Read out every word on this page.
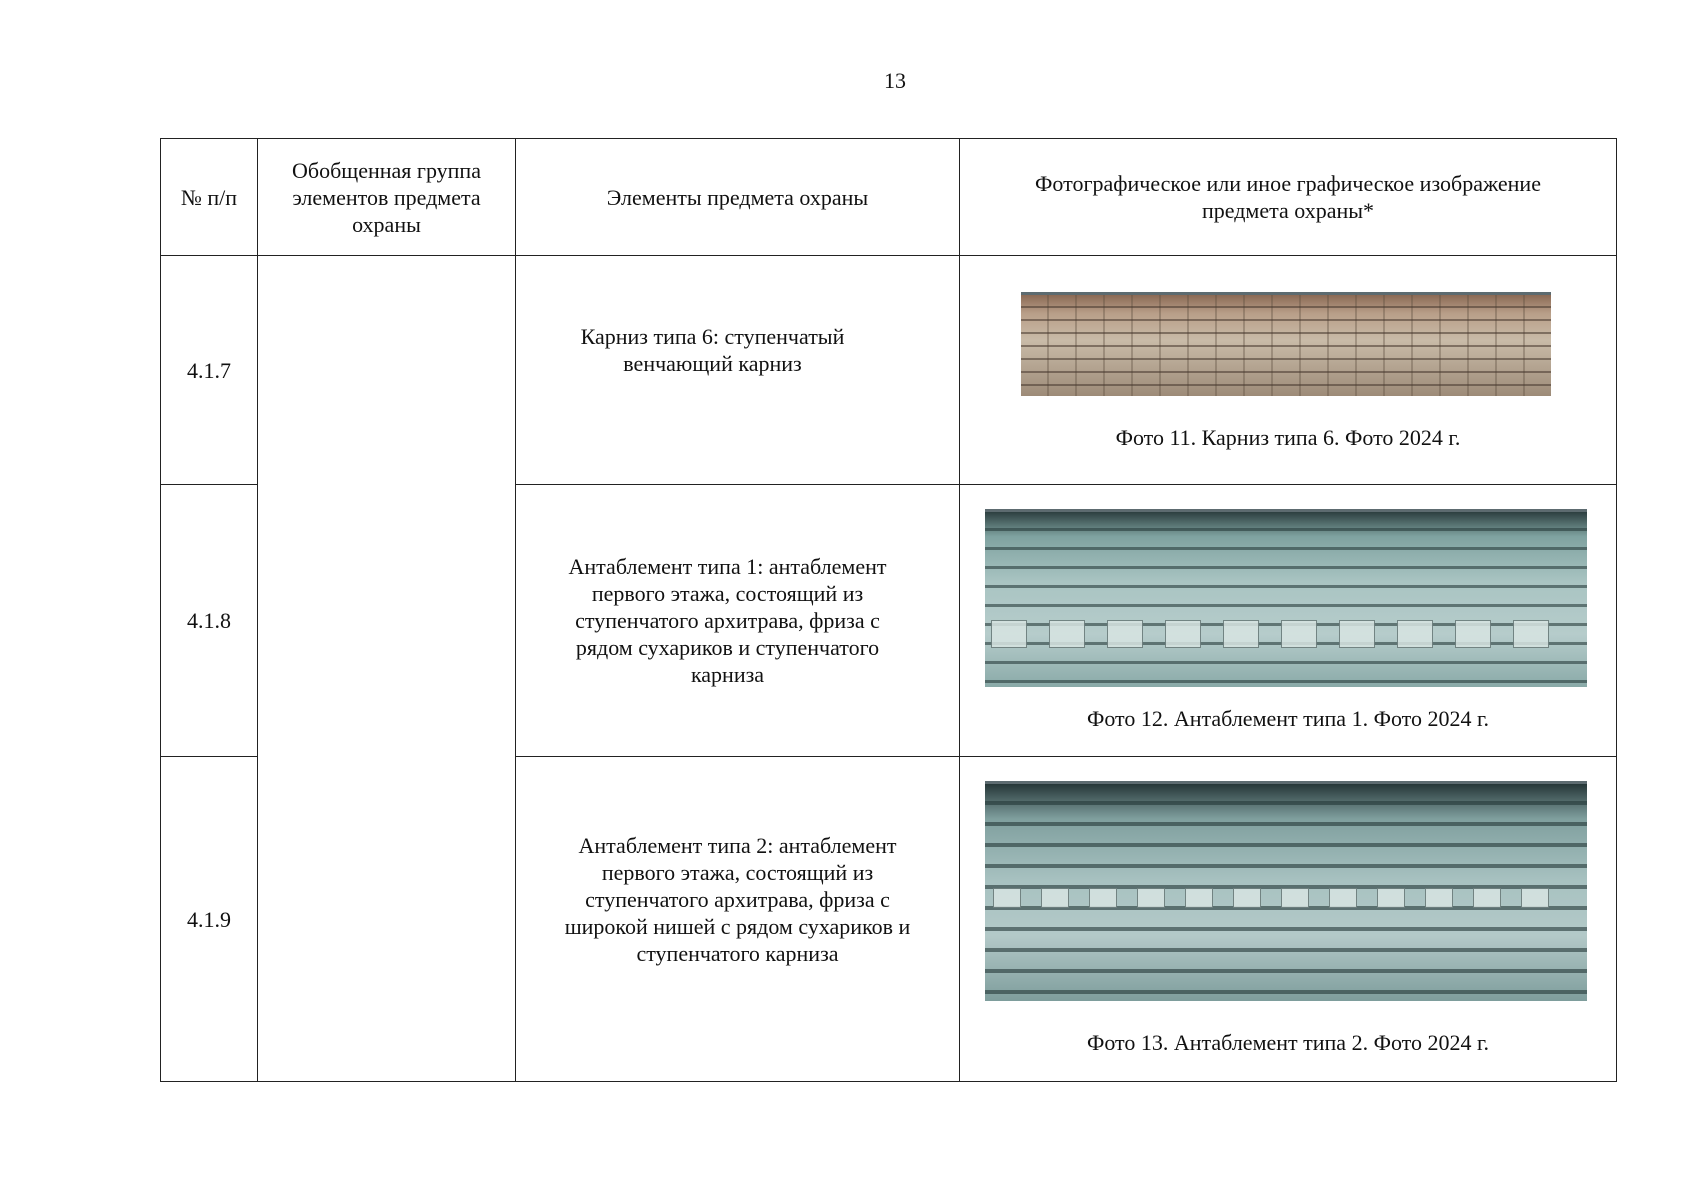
13
№ п/п	Обобщенная группа элементов предмета охраны	Элементы предмета охраны	Фотографическое или иное графическое изображение предмета охраны*
4.1.7		Карниз типа 6: ступенчатый венчающий карниз	Фото 11. Карниз типа 6. Фото 2024 г.

4.1.8		Антаблемент типа 1: антаблемент первого этажа, состоящий из ступенчатого архитрава, фриза с рядом сухариков и ступенчатого карниза	Фото 12. Антаблемент типа 1. Фото 2024 г.

4.1.9		Антаблемент типа 2: антаблемент первого этажа, состоящий из ступенчатого архитрава, фриза с широкой нишей с рядом сухариков и ступенчатого карниза	Фото 13. Антаблемент типа 2. Фото 2024 г.
